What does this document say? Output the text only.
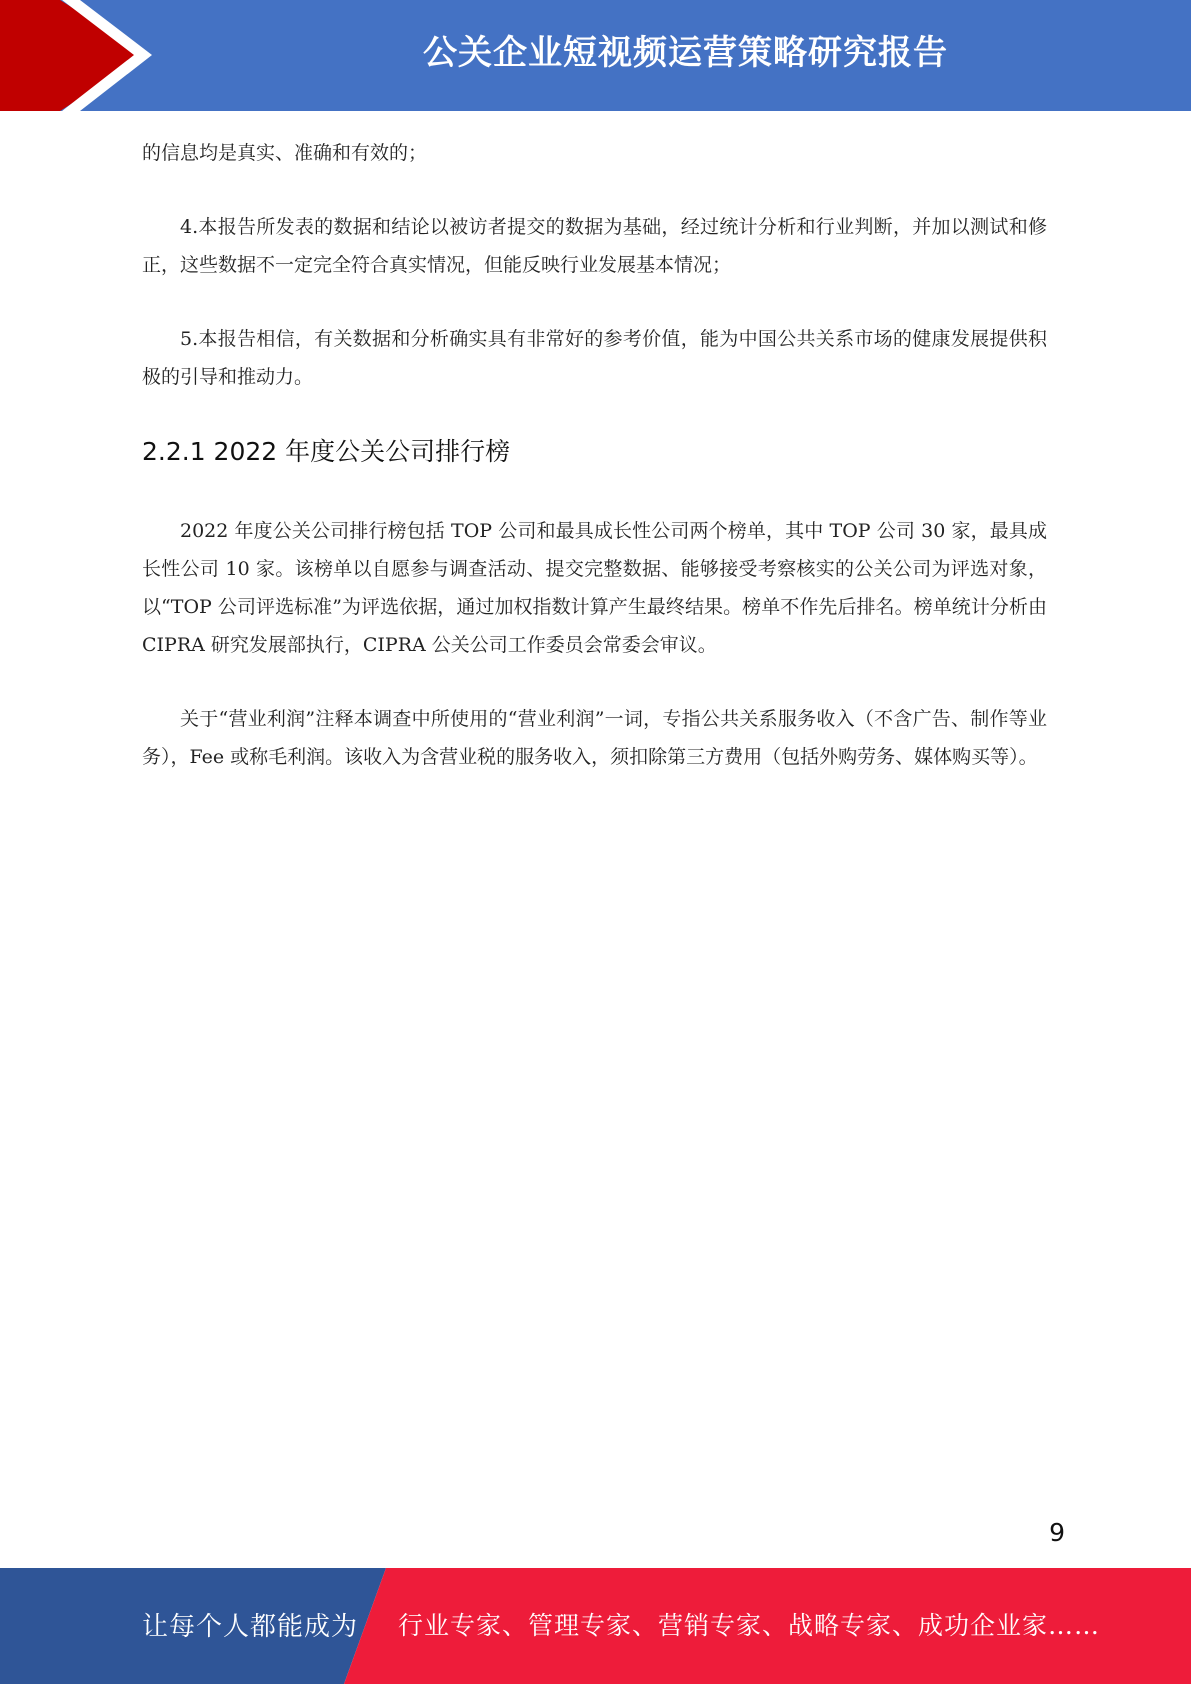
公关企业短视频运营策略研究报告

的信息均是真实、准确和有效的；

4.本报告所发表的数据和结论以被访者提交的数据为基础，经过统计分析和行业判断，并加以测试和修正，这些数据不一定完全符合真实情况，但能反映行业发展基本情况；

5.本报告相信，有关数据和分析确实具有非常好的参考价值，能为中国公共关系市场的健康发展提供积极的引导和推动力。

2.2.1 2022 年度公关公司排行榜

2022 年度公关公司排行榜包括 TOP 公司和最具成长性公司两个榜单，其中 TOP 公司 30 家，最具成长性公司 10 家。该榜单以自愿参与调查活动、提交完整数据、能够接受考察核实的公关公司为评选对象，以“TOP 公司评选标准”为评选依据，通过加权指数计算产生最终结果。榜单不作先后排名。榜单统计分析由 CIPRA 研究发展部执行，CIPRA 公关公司工作委员会常委会审议。

关于“营业利润”注释本调查中所使用的“营业利润”一词，专指公共关系服务收入（不含广告、制作等业务），Fee 或称毛利润。该收入为含营业税的服务收入，须扣除第三方费用（包括外购劳务、媒体购买等）。

9
让每个人都能成为 行业专家、管理专家、营销专家、战略专家、成功企业家……
